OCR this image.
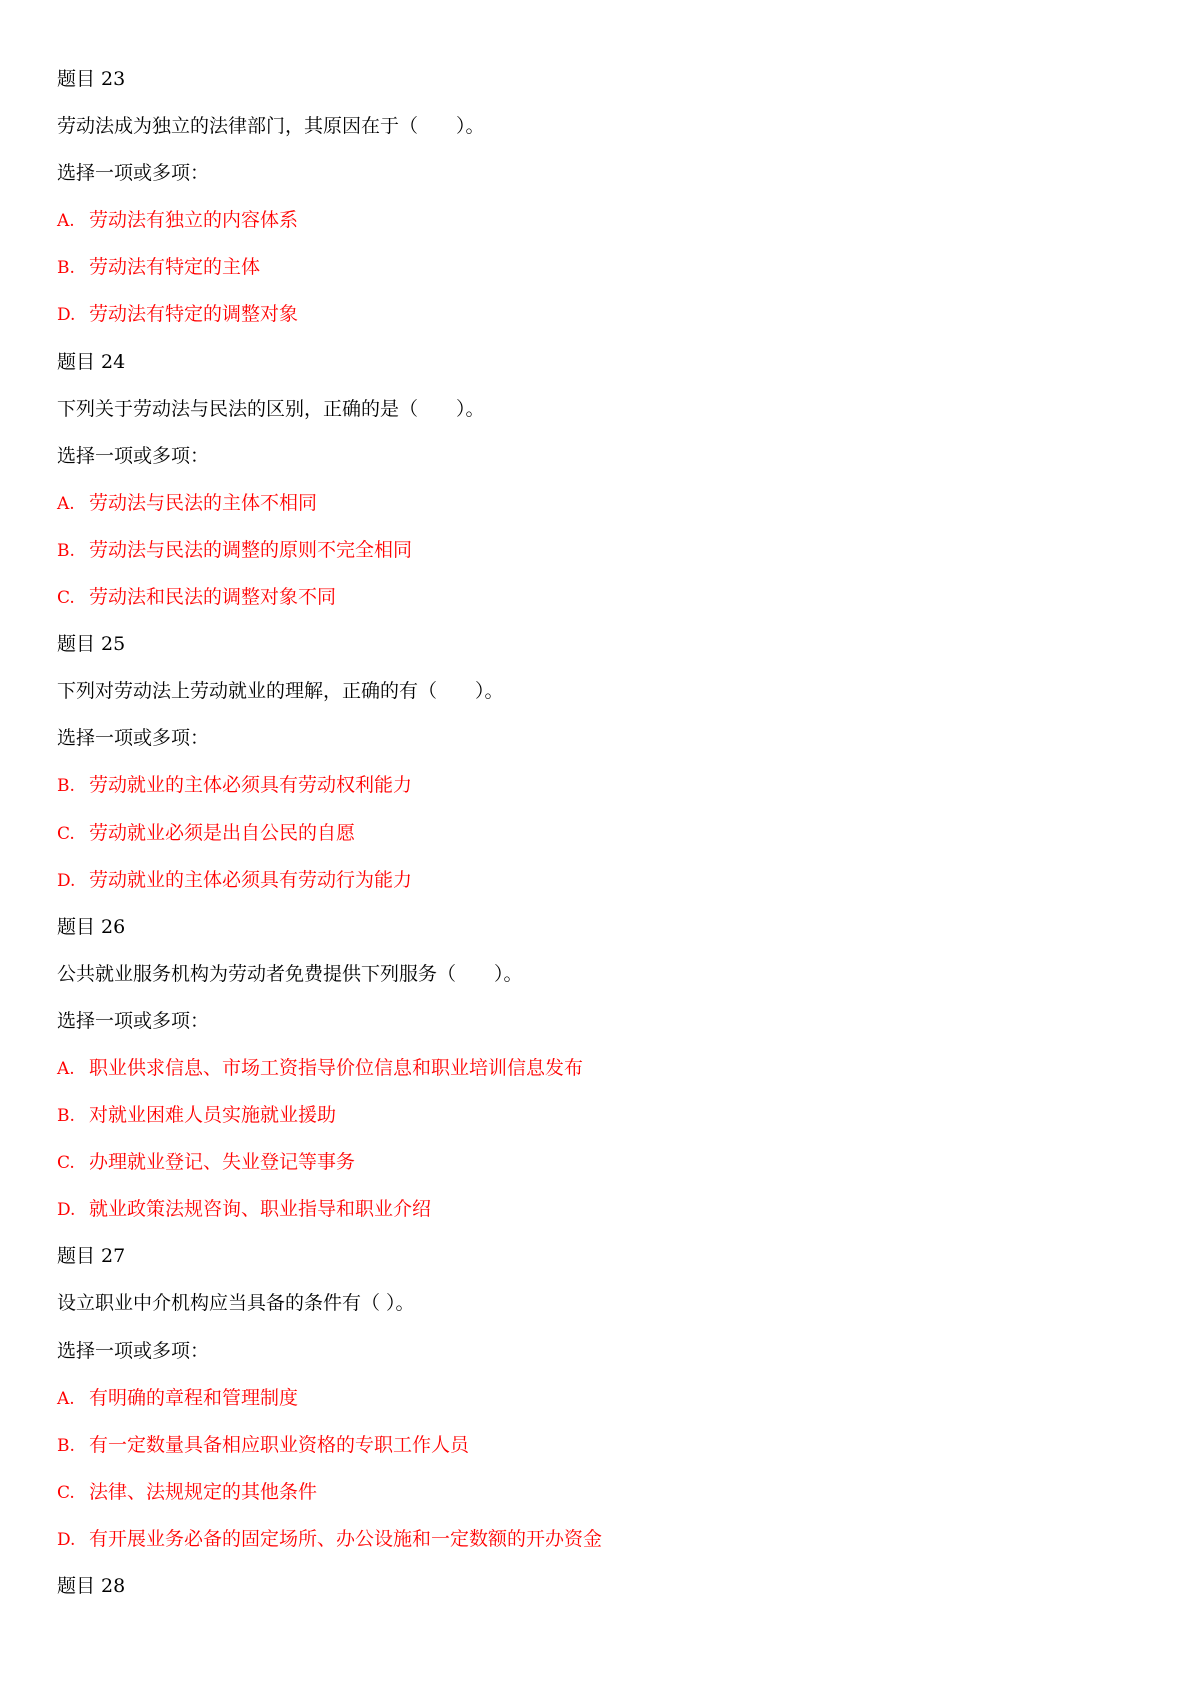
题目 23
劳动法成为独立的法律部门，其原因在于（　　）。
选择一项或多项：
A. 劳动法有独立的内容体系
B. 劳动法有特定的主体
D. 劳动法有特定的调整对象
题目 24
下列关于劳动法与民法的区别，正确的是（　　）。
选择一项或多项：
A. 劳动法与民法的主体不相同
B. 劳动法与民法的调整的原则不完全相同
C. 劳动法和民法的调整对象不同
题目 25
下列对劳动法上劳动就业的理解，正确的有（　　）。
选择一项或多项：
B. 劳动就业的主体必须具有劳动权利能力
C. 劳动就业必须是出自公民的自愿
D. 劳动就业的主体必须具有劳动行为能力
题目 26
公共就业服务机构为劳动者免费提供下列服务（　　）。
选择一项或多项：
A. 职业供求信息、市场工资指导价位信息和职业培训信息发布
B. 对就业困难人员实施就业援助
C. 办理就业登记、失业登记等事务
D. 就业政策法规咨询、职业指导和职业介绍
题目 27
设立职业中介机构应当具备的条件有（ ）。
选择一项或多项：
A. 有明确的章程和管理制度
B. 有一定数量具备相应职业资格的专职工作人员
C. 法律、法规规定的其他条件
D. 有开展业务必备的固定场所、办公设施和一定数额的开办资金
题目 28
